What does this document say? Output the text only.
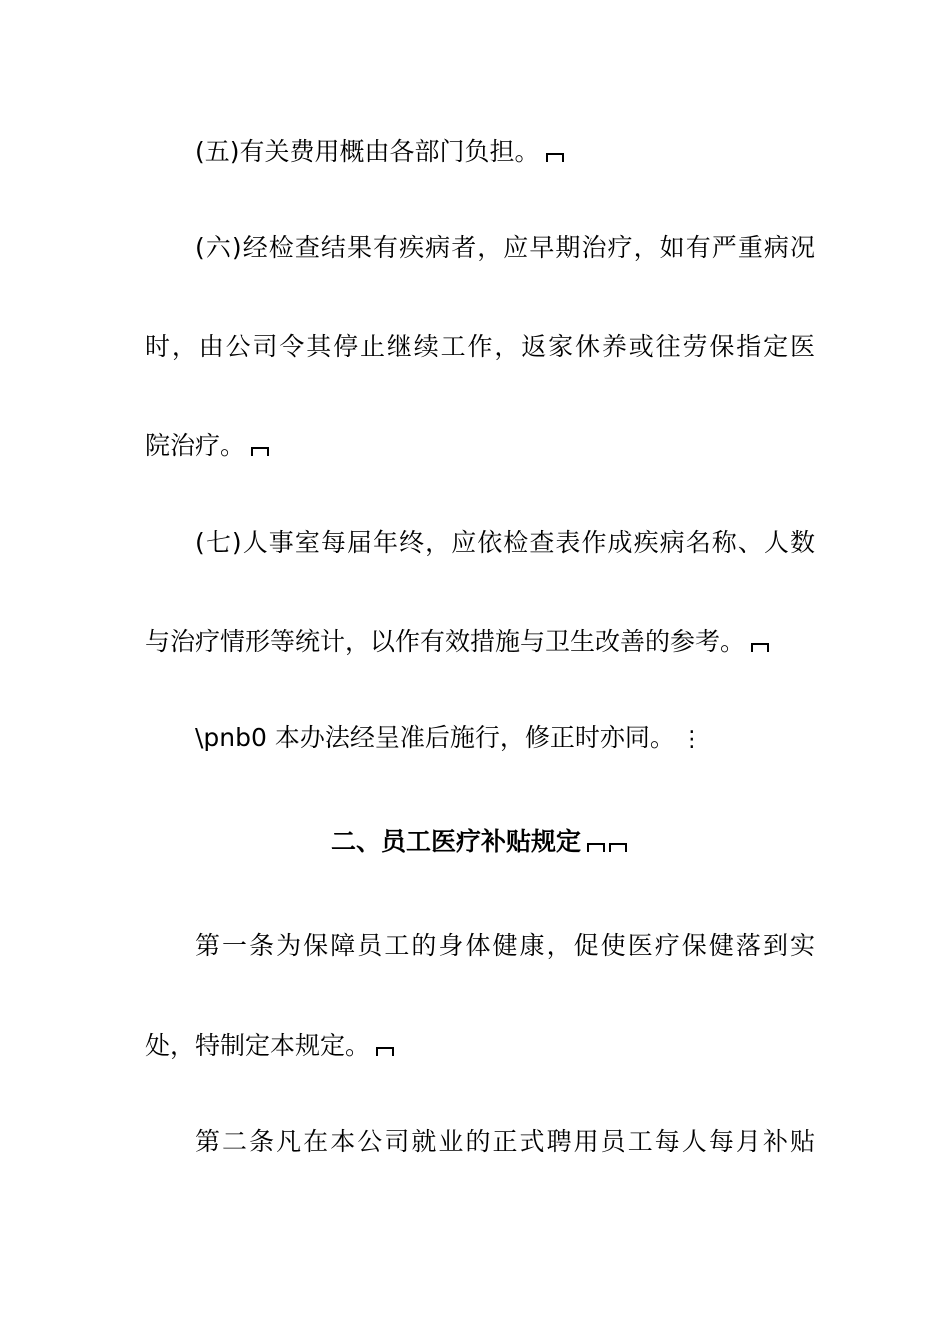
(五)有关费用概由各部门负担。
(六)经检查结果有疾病者，应早期治疗，如有严重病况
时，由公司令其停止继续工作，返家休养或往劳保指定医
院治疗。
(七)人事室每届年终，应依检查表作成疾病名称、人数
与治疗情形等统计，以作有效措施与卫生改善的参考。
\pnb0 本办法经呈准后施行，修正时亦同。 ⋮
二、员工医疗补贴规定
第一条为保障员工的身体健康，促使医疗保健落到实
处，特制定本规定。
第二条凡在本公司就业的正式聘用员工每人每月补贴
